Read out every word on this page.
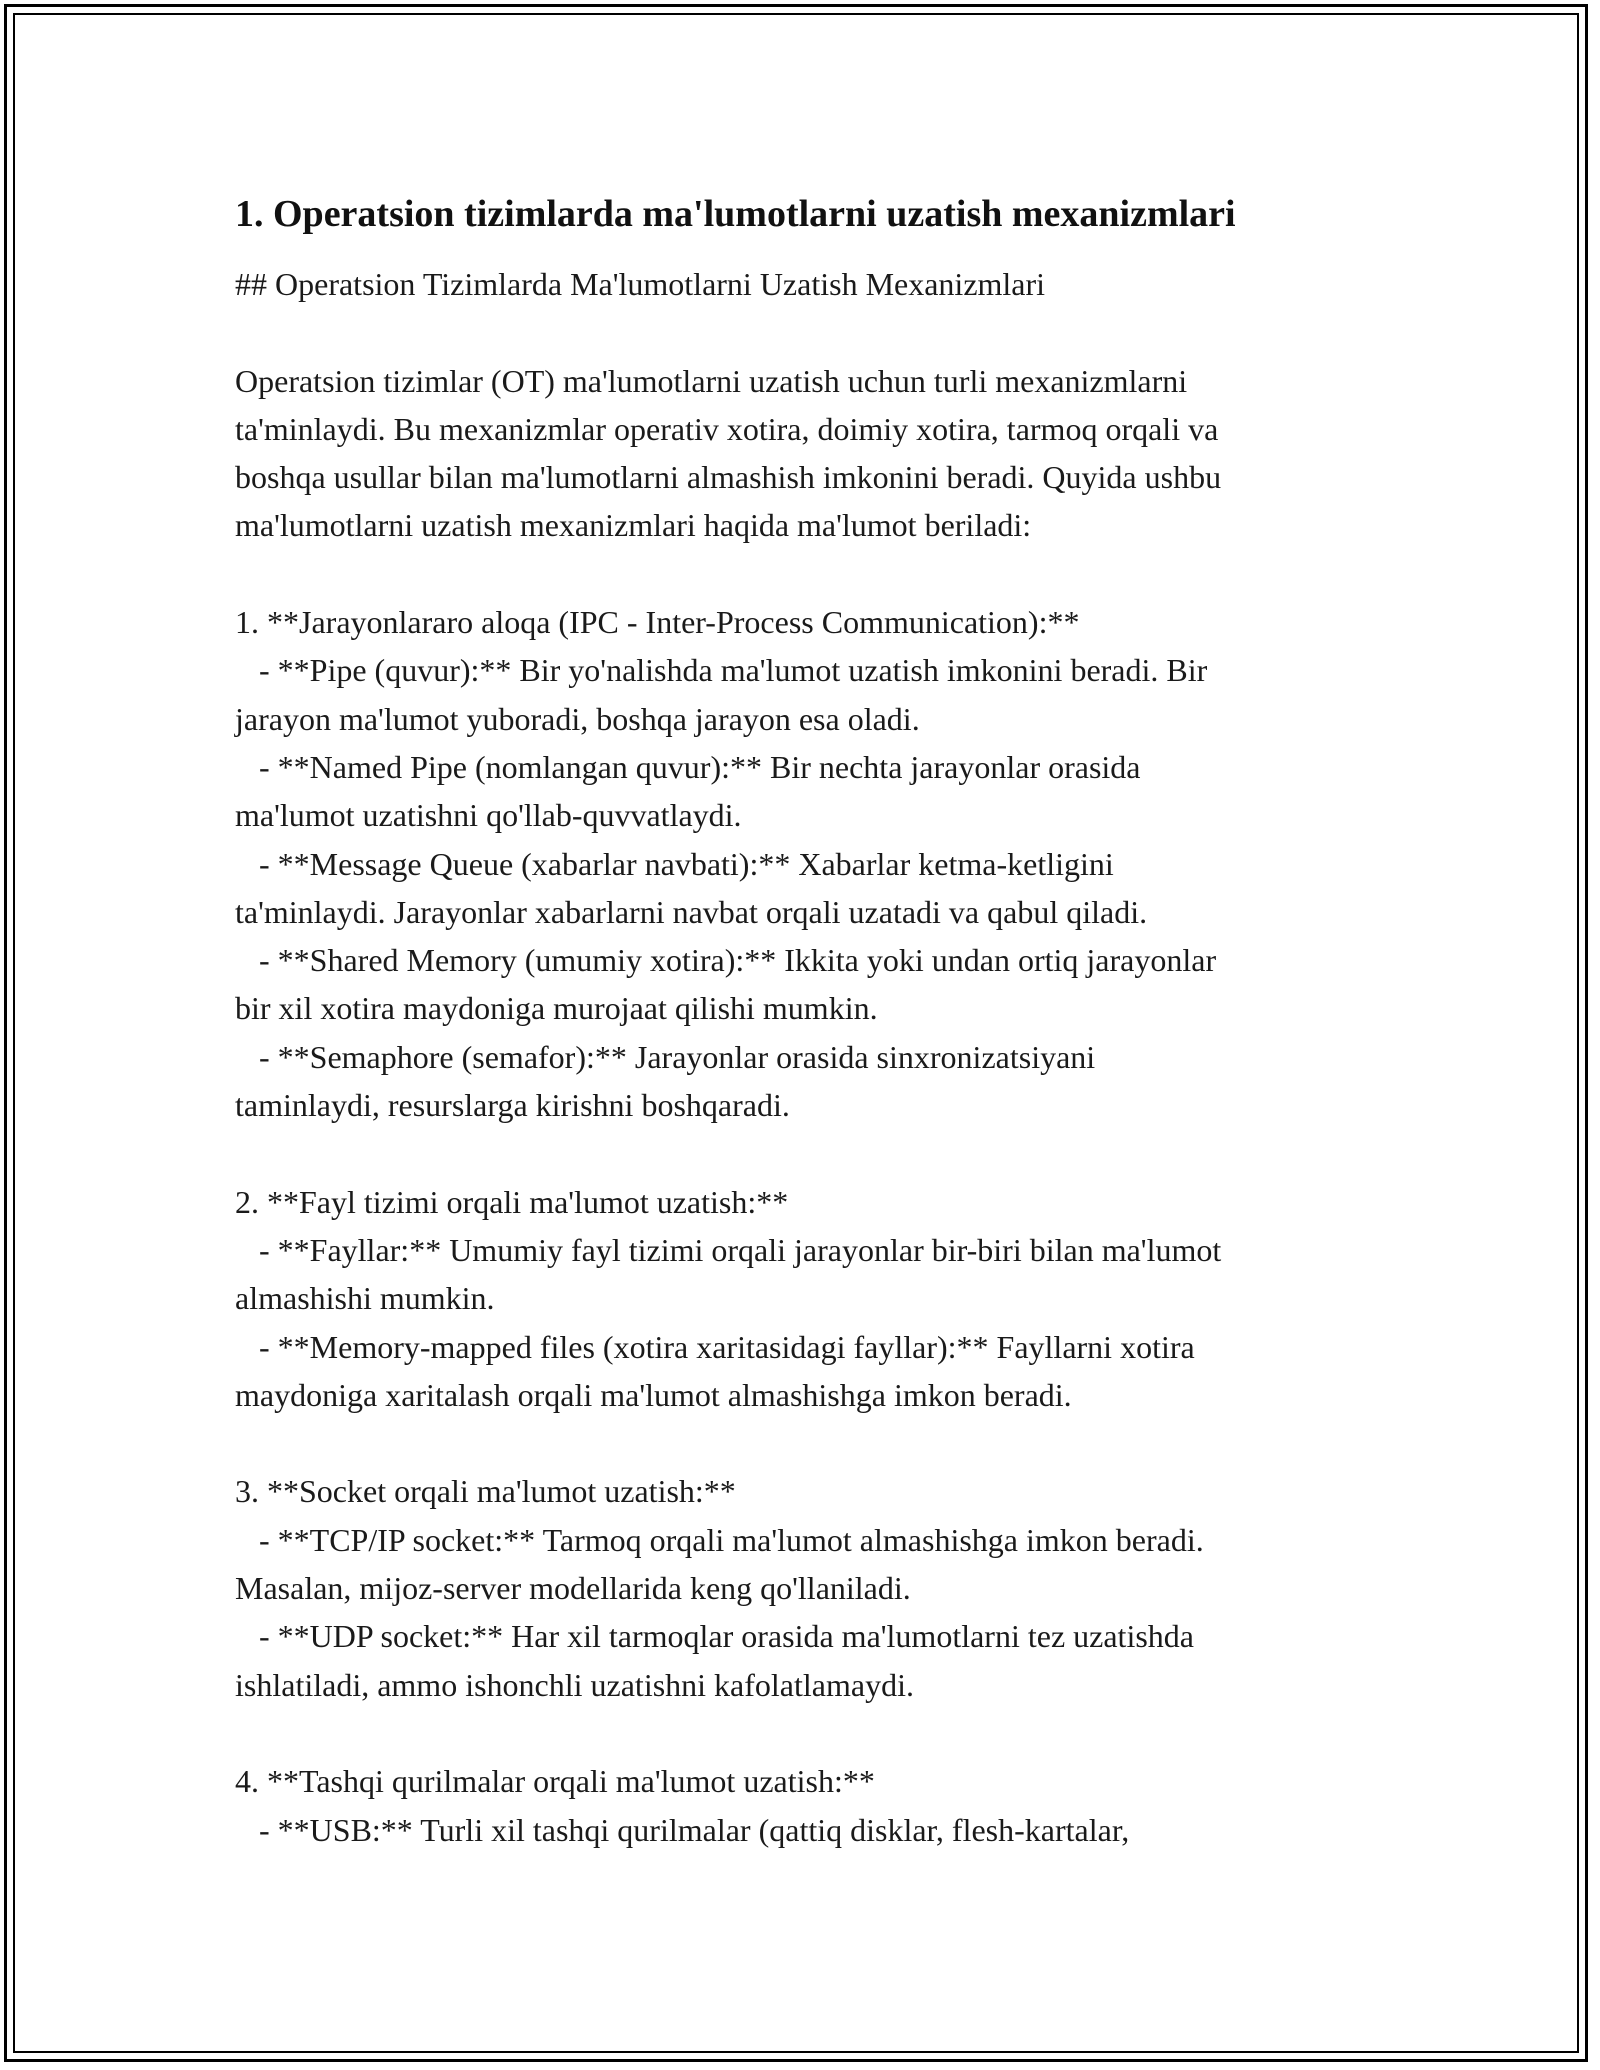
1. Operatsion tizimlarda ma'lumotlarni uzatish mexanizmlari

## Operatsion Tizimlarda Ma'lumotlarni Uzatish Mexanizmlari

Operatsion tizimlar (OT) ma'lumotlarni uzatish uchun turli mexanizmlarni

ta'minlaydi. Bu mexanizmlar operativ xotira, doimiy xotira, tarmoq orqali va

boshqa usullar bilan ma'lumotlarni almashish imkonini beradi. Quyida ushbu

ma'lumotlarni uzatish mexanizmlari haqida ma'lumot beriladi:

1. **Jarayonlararo aloqa (IPC - Inter-Process Communication):**

- **Pipe (quvur):** Bir yo'nalishda ma'lumot uzatish imkonini beradi. Bir

jarayon ma'lumot yuboradi, boshqa jarayon esa oladi.

- **Named Pipe (nomlangan quvur):** Bir nechta jarayonlar orasida

ma'lumot uzatishni qo'llab-quvvatlaydi.

- **Message Queue (xabarlar navbati):** Xabarlar ketma-ketligini

ta'minlaydi. Jarayonlar xabarlarni navbat orqali uzatadi va qabul qiladi.

- **Shared Memory (umumiy xotira):** Ikkita yoki undan ortiq jarayonlar

bir xil xotira maydoniga murojaat qilishi mumkin.

- **Semaphore (semafor):** Jarayonlar orasida sinxronizatsiyani

taminlaydi, resurslarga kirishni boshqaradi.

2. **Fayl tizimi orqali ma'lumot uzatish:**

- **Fayllar:** Umumiy fayl tizimi orqali jarayonlar bir-biri bilan ma'lumot

almashishi mumkin.

- **Memory-mapped files (xotira xaritasidagi fayllar):** Fayllarni xotira

maydoniga xaritalash orqali ma'lumot almashishga imkon beradi.

3. **Socket orqali ma'lumot uzatish:**

- **TCP/IP socket:** Tarmoq orqali ma'lumot almashishga imkon beradi.

Masalan, mijoz-server modellarida keng qo'llaniladi.

- **UDP socket:** Har xil tarmoqlar orasida ma'lumotlarni tez uzatishda

ishlatiladi, ammo ishonchli uzatishni kafolatlamaydi.

4. **Tashqi qurilmalar orqali ma'lumot uzatish:**

- **USB:** Turli xil tashqi qurilmalar (qattiq disklar, flesh-kartalar,
